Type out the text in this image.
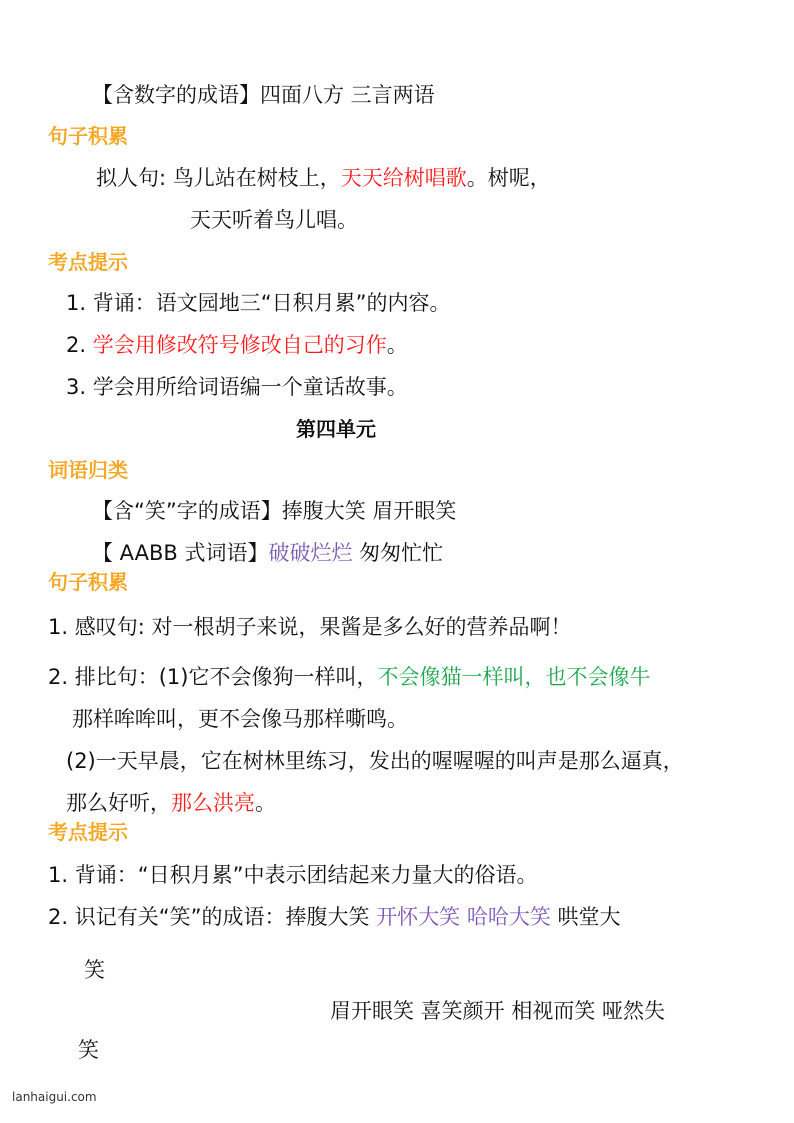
【含数字的成语】四面八方 三言两语
句子积累
拟人句: 鸟儿站在树枝上，天天给树唱歌。树呢，
天天听着鸟儿唱。
考点提示
1. 背诵：语文园地三“日积月累”的内容。
2. 学会用修改符号修改自己的习作。
3. 学会用所给词语编一个童话故事。
第四单元
词语归类
【含“笑”字的成语】捧腹大笑 眉开眼笑
【 AABB 式词语】破破烂烂 匆匆忙忙
句子积累
1. 感叹句: 对一根胡子来说，果酱是多么好的营养品啊！
2. 排比句：(1)它不会像狗一样叫，不会像猫一样叫，也不会像牛
那样哞哞叫，更不会像马那样嘶鸣。
(2)一天早晨，它在树林里练习，发出的喔喔喔的叫声是那么逼真，
那么好听，那么洪亮。
考点提示
1. 背诵：“日积月累”中表示团结起来力量大的俗语。
2. 识记有关“笑”的成语：捧腹大笑 开怀大笑 哈哈大笑 哄堂大
笑
眉开眼笑 喜笑颜开 相视而笑 哑然失
笑
lanhaigui.com
